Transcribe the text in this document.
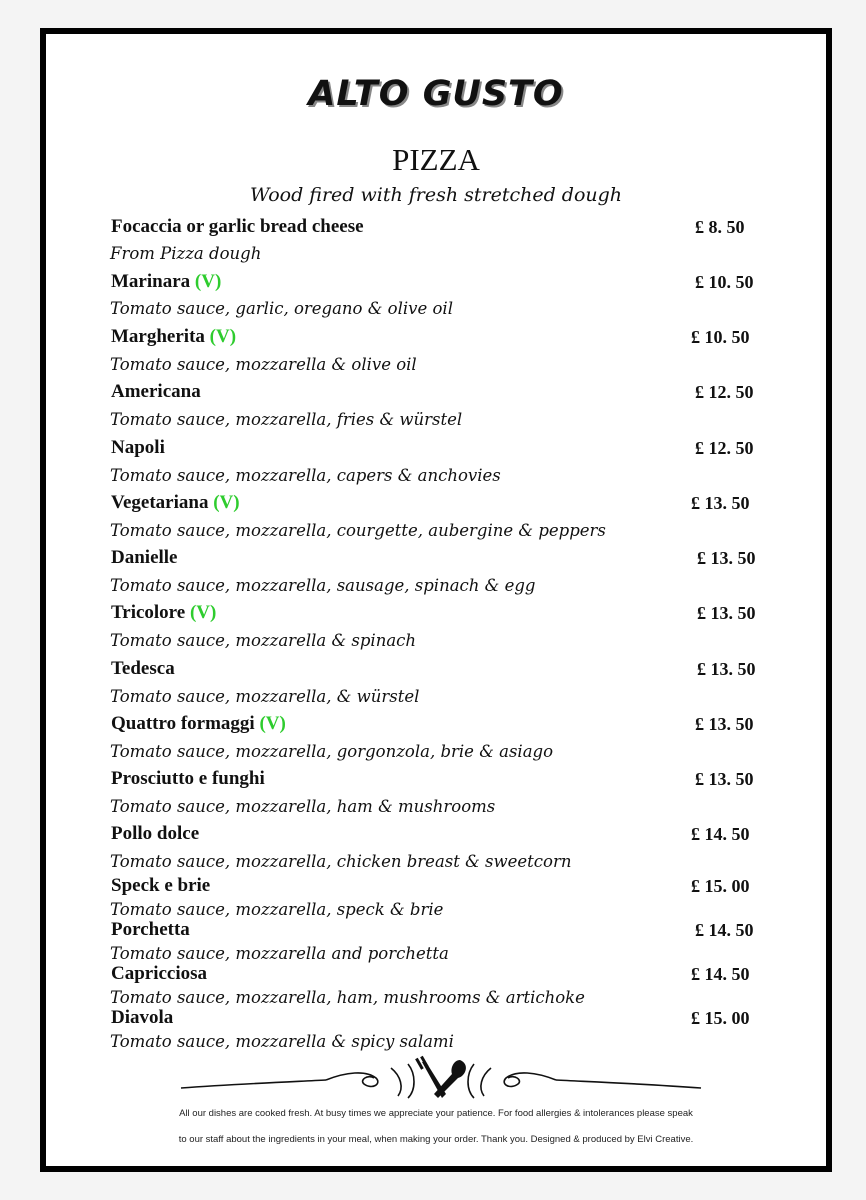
ALTO GUSTO
PIZZA
Wood fired with fresh stretched dough
Focaccia or garlic bread cheese	£ 8. 50
From Pizza dough
Marinara (V)	£ 10. 50
Tomato sauce, garlic, oregano & olive oil
Margherita (V)	£ 10. 50
Tomato sauce, mozzarella & olive oil
Americana	£ 12. 50
Tomato sauce, mozzarella, fries & würstel
Napoli	£ 12. 50
Tomato sauce, mozzarella, capers & anchovies
Vegetariana (V)	£ 13. 50
Tomato sauce, mozzarella, courgette, aubergine & peppers
Danielle	£ 13. 50
Tomato sauce, mozzarella, sausage, spinach & egg
Tricolore (V)	£ 13. 50
Tomato sauce, mozzarella & spinach
Tedesca	£ 13. 50
Tomato sauce, mozzarella, & würstel
Quattro formaggi (V)	£ 13. 50
Tomato sauce, mozzarella, gorgonzola, brie & asiago
Prosciutto e funghi	£ 13. 50
Tomato sauce, mozzarella, ham & mushrooms
Pollo dolce	£ 14. 50
Tomato sauce, mozzarella, chicken breast & sweetcorn
Speck e brie	£ 15. 00
Tomato sauce, mozzarella, speck & brie
Porchetta	£ 14. 50
Tomato sauce, mozzarella and porchetta
Capricciosa	£ 14. 50
Tomato sauce, mozzarella, ham, mushrooms & artichoke
Diavola	£ 15. 00
Tomato sauce, mozzarella & spicy salami
All our dishes are cooked fresh. At busy times we appreciate your patience. For food allergies & intolerances please speak
to our staff about the ingredients in your meal, when making your order. Thank you. Designed & produced by Elvi Creative.
